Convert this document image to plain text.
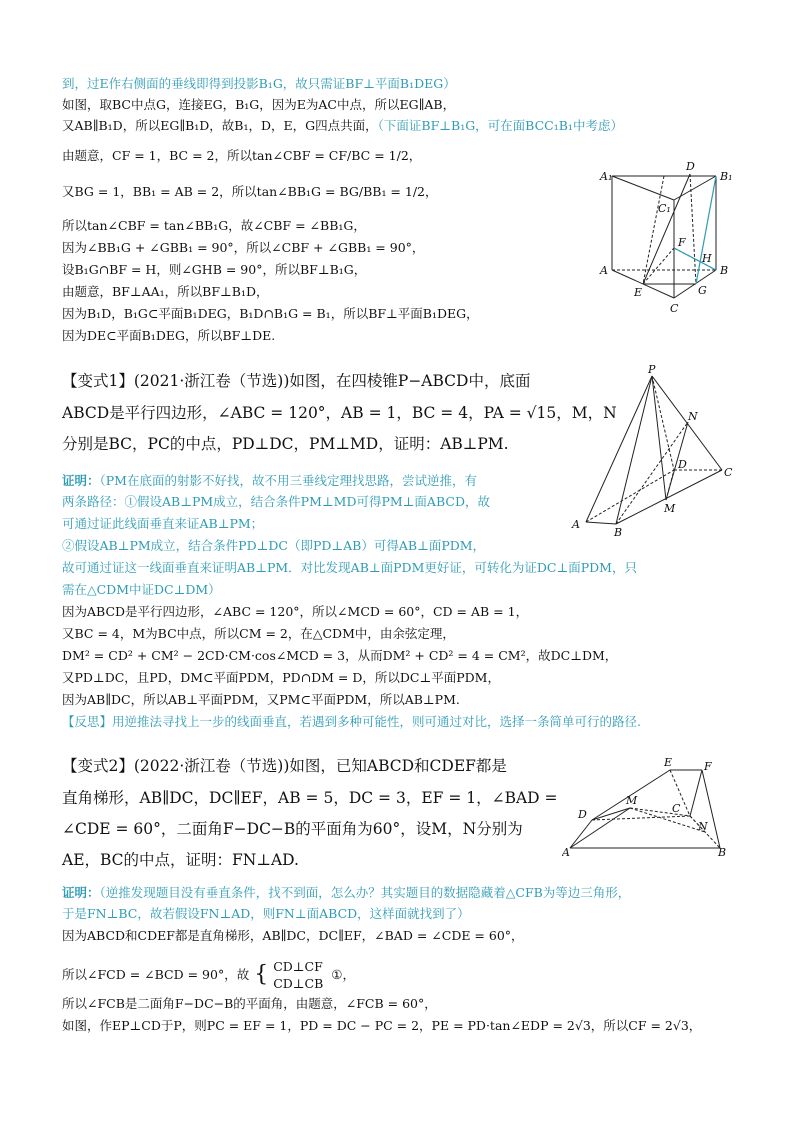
到，过E作右侧面的垂线即得到投影B₁G，故只需证BF⊥平面B₁DEG）
如图，取BC中点G，连接EG，B₁G，因为E为AC中点，所以EG∥AB，
又AB∥B₁D，所以EG∥B₁D，故B₁，D，E，G四点共面，（下面证BF⊥B₁G，可在面BCC₁B₁中考虑）
由题意，CF = 1，BC = 2，所以tan∠CBF = CF/BC = 1/2，
又BG = 1，BB₁ = AB = 2，所以tan∠BB₁G = BG/BB₁ = 1/2，
所以tan∠CBF = tan∠BB₁G，故∠CBF = ∠BB₁G，
因为∠BB₁G + ∠GBB₁ = 90°，所以∠CBF + ∠GBB₁ = 90°，
设B₁G∩BF = H，则∠GHB = 90°，所以BF⊥B₁G，
由题意，BF⊥AA₁，所以BF⊥B₁D，
因为B₁D，B₁G⊂平面B₁DEG，B₁D∩B₁G = B₁，所以BF⊥平面B₁DEG，
因为DE⊂平面B₁DEG，所以BF⊥DE.
A₁
D
B₁
C₁
F
H
A	B
E	G
C
【变式1】(2021·浙江卷（节选))如图，在四棱锥P−ABCD中，底面
ABCD是平行四边形，∠ABC = 120°，AB = 1，BC = 4，PA = √15，M，N
分别是BC，PC的中点，PD⊥DC，PM⊥MD，证明：AB⊥PM.
证明：（PM在底面的射影不好找，故不用三垂线定理找思路，尝试逆推，有
两条路径：①假设AB⊥PM成立，结合条件PM⊥MD可得PM⊥面ABCD，故
可通过证此线面垂直来证AB⊥PM；
②假设AB⊥PM成立，结合条件PD⊥DC（即PD⊥AB）可得AB⊥面PDM，
故可通过证这一线面垂直来证明AB⊥PM．对比发现AB⊥面PDM更好证，可转化为证DC⊥面PDM，只
需在△CDM中证DC⊥DM）
因为ABCD是平行四边形，∠ABC = 120°，所以∠MCD = 60°，CD = AB = 1，
又BC = 4，M为BC中点，所以CM = 2，在△CDM中，由余弦定理，
DM² = CD² + CM² − 2CD·CM·cos∠MCD = 3，从而DM² + CD² = 4 = CM²，故DC⊥DM，
又PD⊥DC，且PD，DM⊂平面PDM，PD∩DM = D，所以DC⊥平面PDM，
因为AB∥DC，所以AB⊥平面PDM，又PM⊂平面PDM，所以AB⊥PM.
【反思】用逆推法寻找上一步的线面垂直，若遇到多种可能性，则可通过对比，选择一条简单可行的路径.
P
N
D
C
A
B
M
【变式2】(2022·浙江卷（节选))如图，已知ABCD和CDEF都是
直角梯形，AB∥DC，DC∥EF，AB = 5，DC = 3，EF = 1，∠BAD =
∠CDE = 60°，二面角F−DC−B的平面角为60°，设M，N分别为
AE，BC的中点，证明：FN⊥AD.
证明：（逆推发现题目没有垂直条件，找不到面，怎么办？其实题目的数据隐藏着△CFB为等边三角形，
于是FN⊥BC，故若假设FN⊥AD，则FN⊥面ABCD，这样面就找到了）
因为ABCD和CDEF都是直角梯形，AB∥DC，DC∥EF，∠BAD = ∠CDE = 60°，
所以∠FCD = ∠BCD = 90°，故 { CD⊥CF
CD⊥CB
①，
所以∠FCB是二面角F−DC−B的平面角，由题意，∠FCB = 60°，
如图，作EP⊥CD于P，则PC = EF = 1，PD = DC − PC = 2，PE = PD·tan∠EDP = 2√3，所以CF = 2√3，
E	F
D
M
C
N
A	B
